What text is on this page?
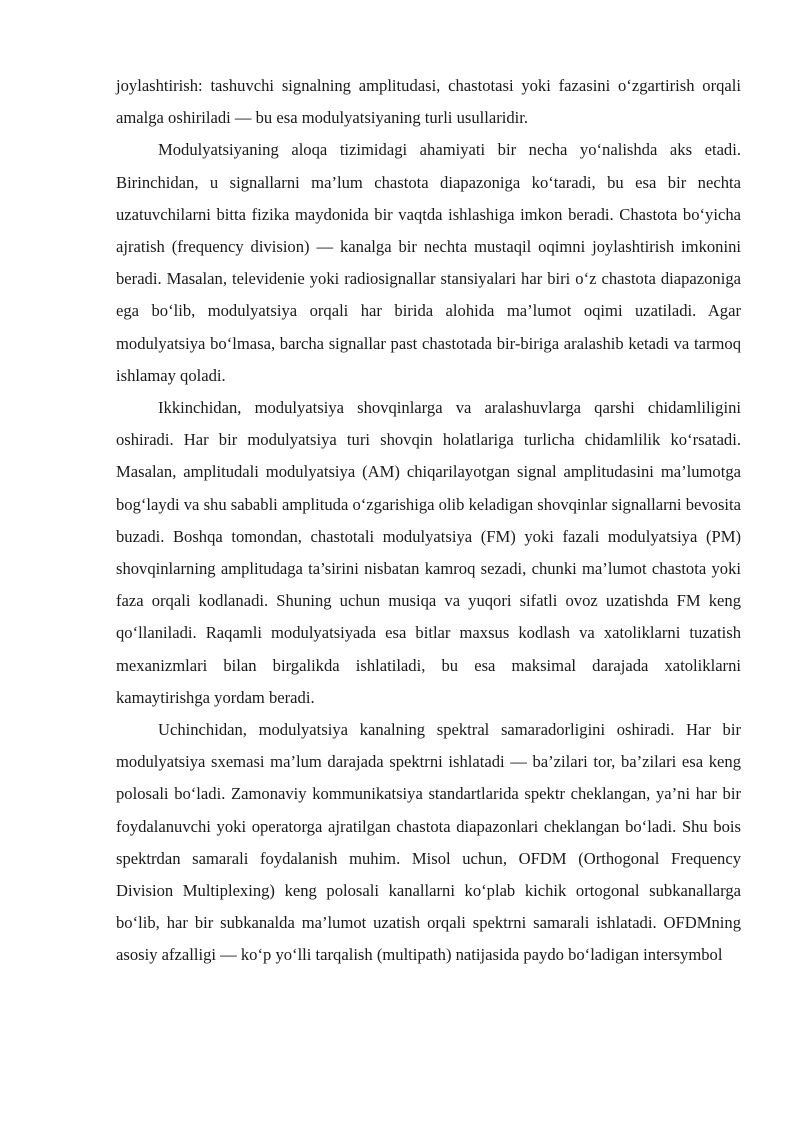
joylashtirish: tashuvchi signalning amplitudasi, chastotasi yoki fazasini o‘zgartirish orqali amalga oshiriladi — bu esa modulyatsiyaning turli usullaridir.

Modulyatsiyaning aloqa tizimidagi ahamiyati bir necha yo‘nalishda aks etadi. Birinchidan, u signallarni ma’lum chastota diapazoniga ko‘taradi, bu esa bir nechta uzatuvchilarni bitta fizika maydonida bir vaqtda ishlashiga imkon beradi. Chastota bo‘yicha ajratish (frequency division) — kanalga bir nechta mustaqil oqimni joylashtirish imkonini beradi. Masalan, televidenie yoki radiosignallar stansiyalari har biri o‘z chastota diapazoniga ega bo‘lib, modulyatsiya orqali har birida alohida ma’lumot oqimi uzatiladi. Agar modulyatsiya bo‘lmasa, barcha signallar past chastotada bir-biriga aralashib ketadi va tarmoq ishlamay qoladi.

Ikkinchidan, modulyatsiya shovqinlarga va aralashuvlarga qarshi chidamliligini oshiradi. Har bir modulyatsiya turi shovqin holatlariga turlicha chidamlilik ko‘rsatadi. Masalan, amplitudali modulyatsiya (AM) chiqarilayotgan signal amplitudasini ma’lumotga bog‘laydi va shu sababli amplituda o‘zgarishiga olib keladigan shovqinlar signallarni bevosita buzadi. Boshqa tomondan, chastotali modulyatsiya (FM) yoki fazali modulyatsiya (PM) shovqinlarning amplitudaga ta’sirini nisbatan kamroq sezadi, chunki ma’lumot chastota yoki faza orqali kodlanadi. Shuning uchun musiqa va yuqori sifatli ovoz uzatishda FM keng qo‘llaniladi. Raqamli modulyatsiyada esa bitlar maxsus kodlash va xatoliklarni tuzatish mexanizmlari bilan birgalikda ishlatiladi, bu esa maksimal darajada xatoliklarni kamaytirishga yordam beradi.

Uchinchidan, modulyatsiya kanalning spektral samaradorligini oshiradi. Har bir modulyatsiya sxemasi ma’lum darajada spektrni ishlatadi — ba’zilari tor, ba’zilari esa keng polosali bo‘ladi. Zamonaviy kommunikatsiya standartlarida spektr cheklangan, ya’ni har bir foydalanuvchi yoki operatorga ajratilgan chastota diapazonlari cheklangan bo‘ladi. Shu bois spektrdan samarali foydalanish muhim. Misol uchun, OFDM (Orthogonal Frequency Division Multiplexing) keng polosali kanallarni ko‘plab kichik ortogonal subkanallarga bo‘lib, har bir subkanalda ma’lumot uzatish orqali spektrni samarali ishlatadi. OFDMning asosiy afzalligi — ko‘p yo‘lli tarqalish (multipath) natijasida paydo bo‘ladigan intersymbol
